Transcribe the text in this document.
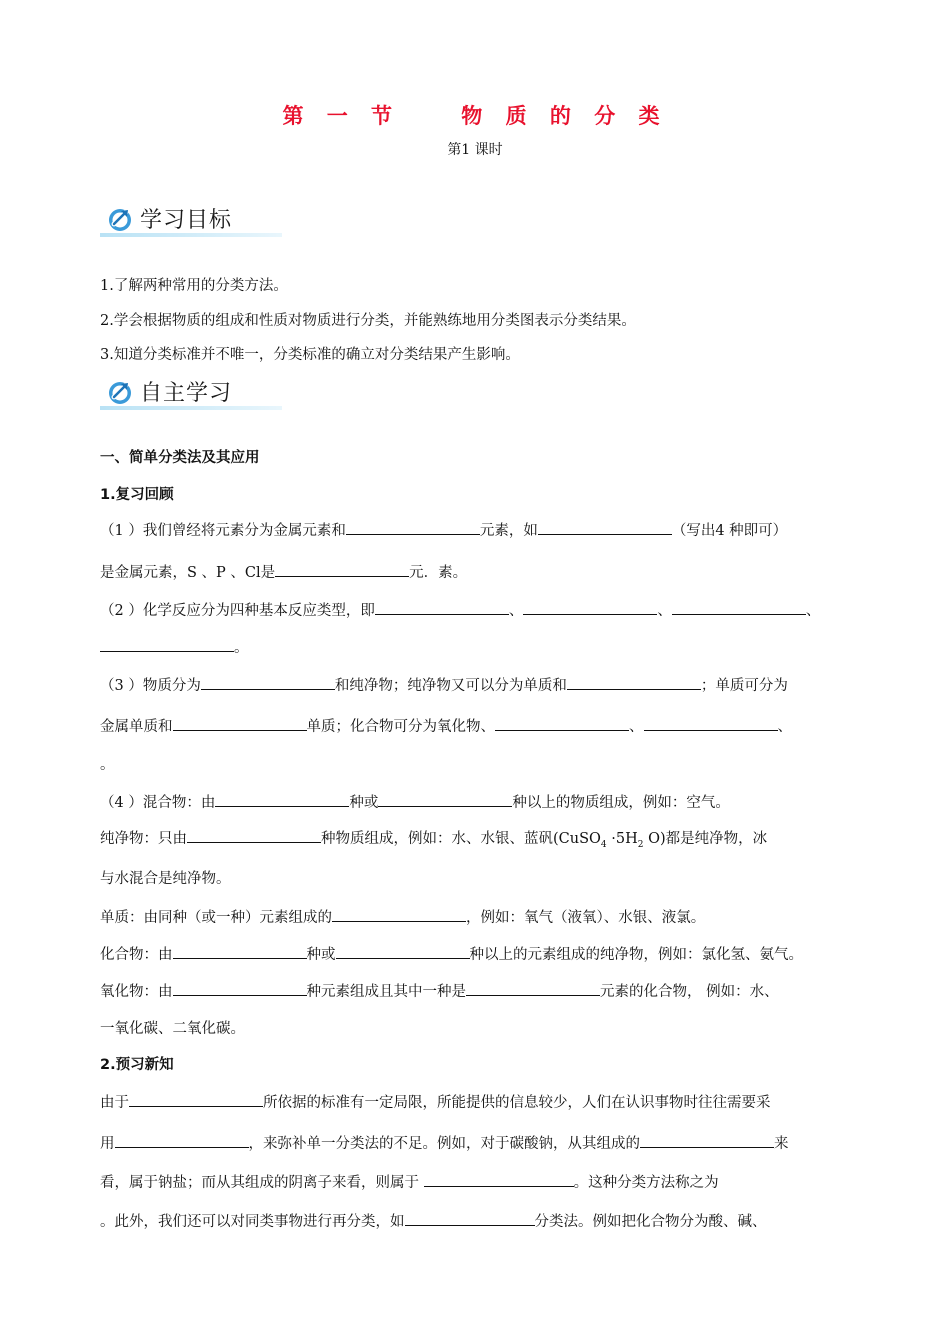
第 一 节    物 质 的 分 类
第1 课时
学习目标
1.了解两种常用的分类方法。
2.学会根据物质的组成和性质对物质进行分类，并能熟练地用分类图表示分类结果。
3.知道分类标准并不唯一，分类标准的确立对分类结果产生影响。
自主学习
一、简单分类法及其应用
1.复习回顾
（1 ）我们曾经将元素分为金属元素和	元素，如	（写出4 种即可）
是金属元素，S 、P 、Cl是	元．素。
（2 ）化学反应分为四种基本反应类型，即	、	、	、
。
（3 ）物质分为	和纯净物；纯净物又可以分为单质和	；单质可分为
金属单质和	单质；化合物可分为氧化物、	、	、
。
（4 ）混合物：由	种或	种以上的物质组成，例如：空气。
纯净物：只由	种物质组成，例如：水、水银、蓝矾(CuSO$_4$ $\cdot 5H_2$ O)都是纯净物，冰
与水混合是纯净物。
单质：由同种（或一种）元素组成的	，例如：氧气（液氧）、水银、液氯。
化合物：由	种或	种以上的元素组成的纯净物，例如：氯化氢、氨气。
氧化物：由	种元素组成且其中一种是	元素的化合物， 例如：水、
一氧化碳、二氧化碳。
2.预习新知
由于	所依据的标准有一定局限，所能提供的信息较少，人们在认识事物时往往需要采
用	，来弥补单一分类法的不足。例如，对于碳酸钠，从其组成的	来
看，属于钠盐；而从其组成的阴离子来看，则属于	。这种分类方法称之为
。此外，我们还可以对同类事物进行再分类，如	分类法。例如把化合物分为酸、碱、
